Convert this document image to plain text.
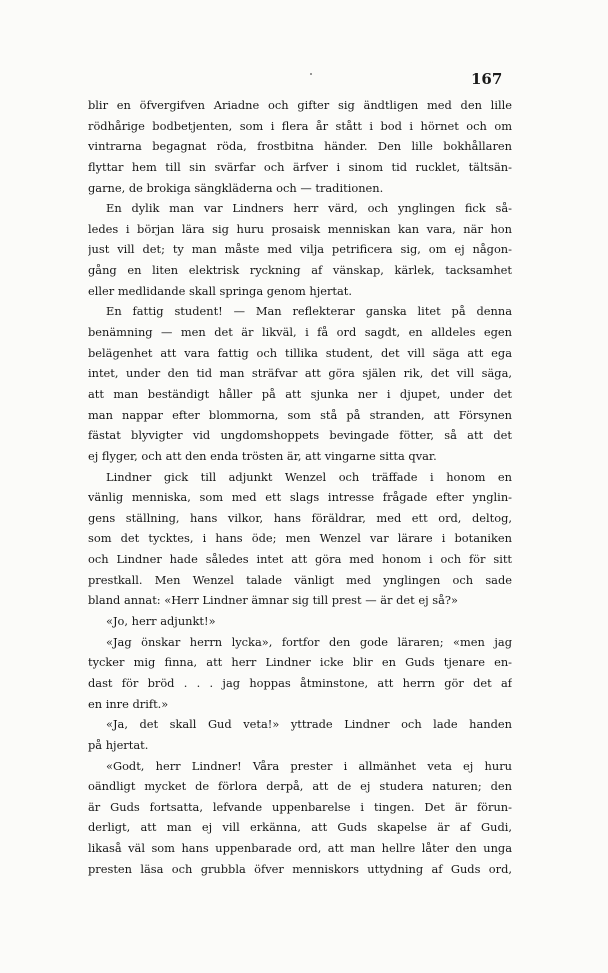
167
blir en öfvergifven Ariadne och gifter sig ändtligen med den lille
rödhårige bodbetjenten, som i flera år stått i bod i hörnet och om
vintrarna begagnat röda, frostbitna händer. Den lille bokhållaren
flyttar hem till sin svärfar och ärfver i sinom tid rucklet, tältsän-
garne, de brokiga sängkläderna och — traditionen.
En dylik man var Lindners herr värd, och ynglingen fick så-
ledes i början lära sig huru prosaisk menniskan kan vara, när hon
just vill det; ty man måste med vilja petrificera sig, om ej någon-
gång en liten elektrisk ryckning af vänskap, kärlek, tacksamhet
eller medlidande skall springa genom hjertat.
En fattig student! — Man reflekterar ganska litet på denna
benämning — men det är likväl, i få ord sagdt, en alldeles egen
belägenhet att vara fattig och tillika student, det vill säga att ega
intet, under den tid man sträfvar att göra själen rik, det vill säga,
att man beständigt håller på att sjunka ner i djupet, under det
man nappar efter blommorna, som stå på stranden, att Försynen
fästat blyvigter vid ungdomshoppets bevingade fötter, så att det
ej flyger, och att den enda trösten är, att vingarne sitta qvar.
Lindner gick till adjunkt Wenzel och träffade i honom en
vänlig menniska, som med ett slags intresse frågade efter ynglin-
gens ställning, hans vilkor, hans föräldrar, med ett ord, deltog,
som det tycktes, i hans öde; men Wenzel var lärare i botaniken
och Lindner hade således intet att göra med honom i och för sitt
prestkall. Men Wenzel talade vänligt med ynglingen och sade
bland annat: «Herr Lindner ämnar sig till prest — är det ej så?»
«Jo, herr adjunkt!»
«Jag önskar herrn lycka», fortfor den gode läraren; «men jag
tycker mig finna, att herr Lindner icke blir en Guds tjenare en-
dast för bröd . . . jag hoppas åtminstone, att herrn gör det af
en inre drift.»
«Ja, det skall Gud veta!» yttrade Lindner och lade handen
på hjertat.
«Godt, herr Lindner! Våra prester i allmänhet veta ej huru
oändligt mycket de förlora derpå, att de ej studera naturen; den
är Guds fortsatta, lefvande uppenbarelse i tingen. Det är förun-
derligt, att man ej vill erkänna, att Guds skapelse är af Gudi,
likaså väl som hans uppenbarade ord, att man hellre låter den unga
presten läsa och grubbla öfver menniskors uttydning af Guds ord,
